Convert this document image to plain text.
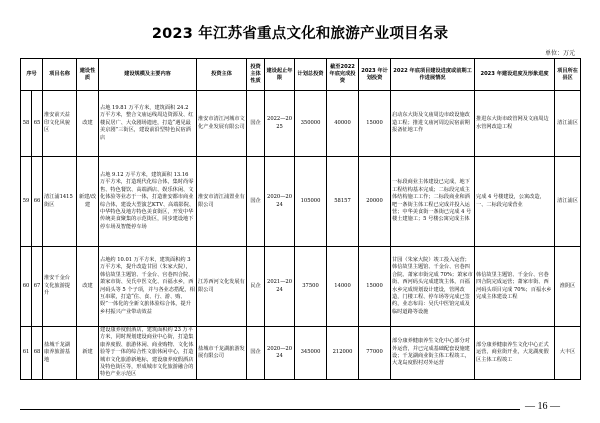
2023 年江苏省重点文化和旅游产业项目名录
单位：万元
序号		项目名称	建设性质	建设规模及主要内容	投资主体	投资主体性质	建设起止年限	计划总投资	截至2022年底完成投资	2023 年计划投资	2022 年底项目建设进度或前期工作进展情况	2023 年建设进度及形象进度	项目所在县区
58	65	淮安前天益印文化风貌区	改建	占地 19.81 万平方米，建筑面积 24.2 万平方米，整合文庙运线周边资源及、红楼民居广、大众剧场遗迹，打造“遇见最美京剧”三街区，建设前沿型特色民宿酒店	淮安市清江河城市文化产业发展有限公司	国企	2022—2025	350000	40000	15000	启动东大街及文庙周边市政设施改造工程；推进文庙河周边民宿前期报备征地工作	推进东大街市政管网及文庙周边水管网改造工程	清江浦区
59	66	清江浦1415 街区	新建/改建	占地 9.12 万平方米，建筑面积 13.16 万平方米，打造现代化综合体，集时尚零售、特色餐饮、高端酒店、娱乐休闲、文化体验等业态于一体，打造淮安都市商业综合体，建设大型演艺KTV、高端影院、中华特色及地方特色美食街区，开发中华传统美食聚集的示范街区，同步建设地下停车场及智能停车场	淮安市清江浦置业有限公司	国企	2020—2024	105000	58157	20000	一标段商业主体建设已完成，地下工程结构基本完成；二标段完成主体结构施工工作；二标段商业和酒吧一条街主体工程已完成并投入运营；中华美食街一条街已完成 4 号楼土建施工；5 号楼公寓完成主体	完成 4 号楼建设，公寓改造，一、二标段完成营业	清江浦区
60	67	淮安千金台文化旅游提升	改建	占地约 10.01 万平方米，建筑面积约 3 万平方米，提升改造甘园（朱家大院），韩信故里主题馆、千金台、官巷四合院、萧家市街、吴氏中医文化、百福水乡，西河码头等 5 个子项，并与各业态搭配，相互串联，打造“住、食、行、游、购、娱”一体化的全新文旅体验综合体，提升乡村振兴产业带动效益	江苏西河文化发展有限公司	民企	2021—2024	37500	14000	15000	甘园（朱家大院）竣工投入运营；韩信故里主题馆、千金台、官巷四合院、萧家市街完成 70%；萧家市街、西河码头完成建筑主体，百福水乡完成规划设计建设，管网改造，门楼工程、停车场等完成已签约，业态布局：吴氏中医馆完成及临时道路等设施	韩信故里主题馆、千金台、官巷四合院完成运营；萧家市街、西河码头项目完成 70%；百福水乡完成主体建设工程	淮阴区
61	68	盐城千龙湖康养旅游基地	新建	建设康养度假酒店，建筑面积约 23 万平方米，同时规划建设商业中心街，打造集康养度假、旅游休闲、商业购物、文化体验等于一体的综合性文旅休闲中心，打造城市文化旅游新地标，建设康养度假酒店及特色街区等，形成城市文化旅游融合的特色产业示范区	盐城市千龙湖旅游发展有限公司	国企	2020—2024	345000	212000	77000	部分康养健康养生文化中心部分对外运营，并已完成基础配套设施建设；千龙湖商业街主体工程竣工，大龙岛度假村对外运营	部分康养健康养生文化中心正式运营，商业街开业，大龙湖度假区主体工程竣工	大丰区
— 16 —
